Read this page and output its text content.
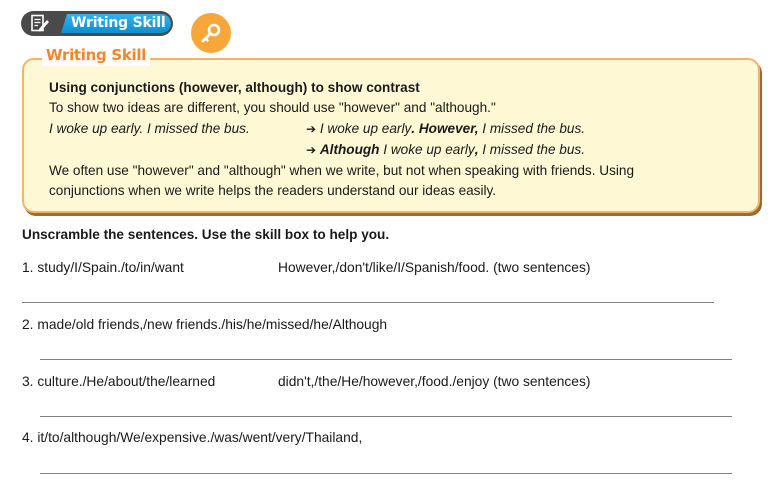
Writing Skill
Writing Skill
Using conjunctions (however, although) to show contrast
To show two ideas are different, you should use "however" and "although."
I woke up early. I missed the bus.	➔ I woke up early. However, I missed the bus.
➔ Although I woke up early, I missed the bus.
We often use "however" and "although" when we write, but not when speaking with friends. Using
conjunctions when we write helps the readers understand our ideas easily.
Unscramble the sentences. Use the skill box to help you.
1. study/I/Spain./to/in/want	However,/don't/like/I/Spanish/food. (two sentences)
2. made/old friends,/new friends./his/he/missed/he/Although
3. culture./He/about/the/learned	didn't,/the/He/however,/food./enjoy (two sentences)
4. it/to/although/We/expensive./was/went/very/Thailand,
